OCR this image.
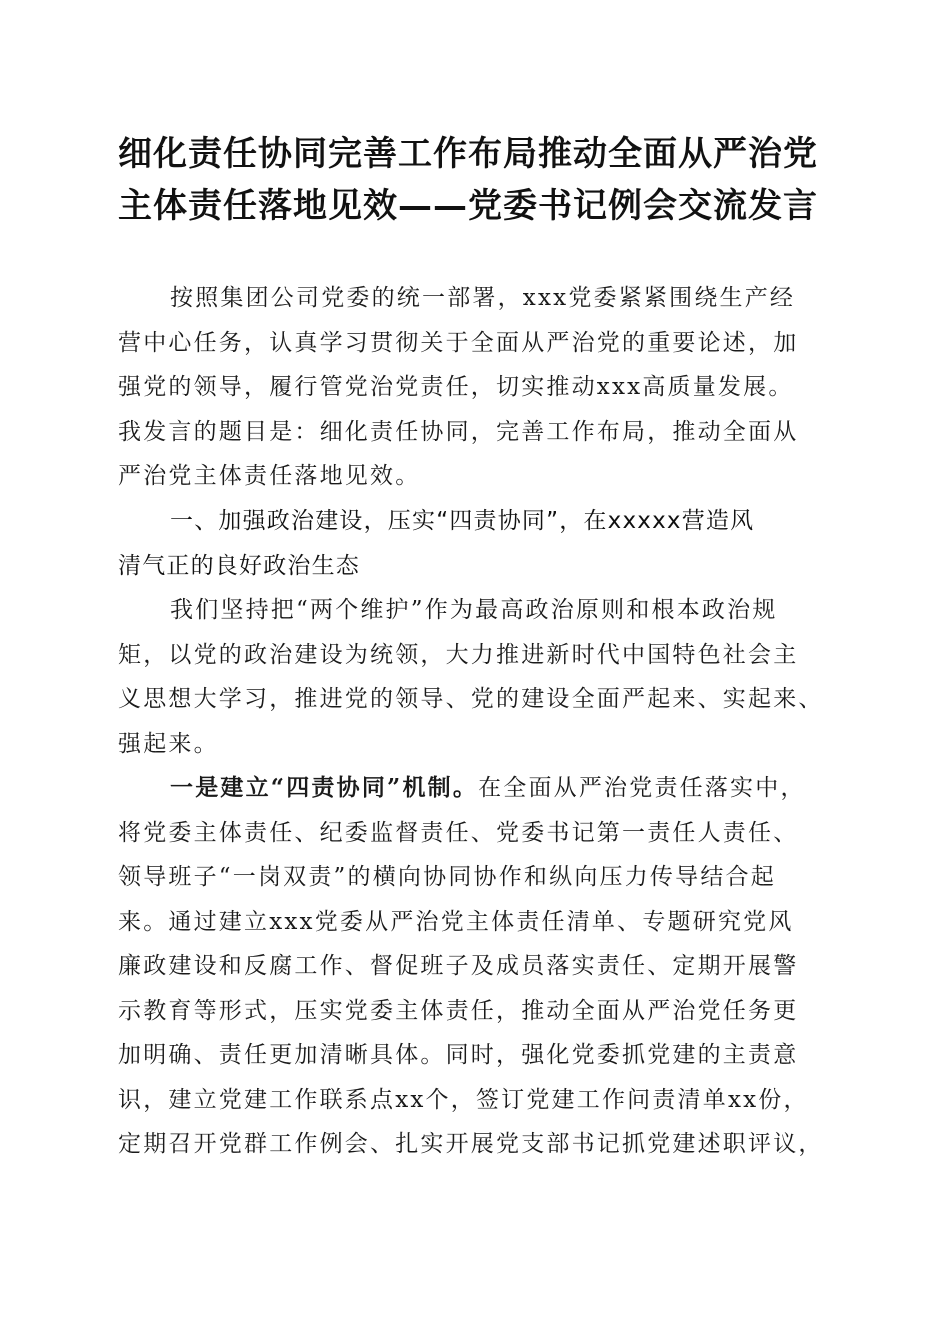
细化责任协同完善工作布局推动全面从严治党
主体责任落地见效——党委书记例会交流发言
按照集团公司党委的统一部署，xxx党委紧紧围绕生产经
营中心任务，认真学习贯彻关于全面从严治党的重要论述，加
强党的领导，履行管党治党责任，切实推动xxx高质量发展。
我发言的题目是：细化责任协同，完善工作布局，推动全面从
严治党主体责任落地见效。
一、加强政治建设，压实“四责协同”，在xxxxx营造风
清气正的良好政治生态
我们坚持把“两个维护”作为最高政治原则和根本政治规
矩，以党的政治建设为统领，大力推进新时代中国特色社会主
义思想大学习，推进党的领导、党的建设全面严起来、实起来、
强起来。
一是建立“四责协同”机制。在全面从严治党责任落实中，
将党委主体责任、纪委监督责任、党委书记第一责任人责任、
领导班子“一岗双责”的横向协同协作和纵向压力传导结合起
来。通过建立xxx党委从严治党主体责任清单、专题研究党风
廉政建设和反腐工作、督促班子及成员落实责任、定期开展警
示教育等形式，压实党委主体责任，推动全面从严治党任务更
加明确、责任更加清晰具体。同时，强化党委抓党建的主责意
识，建立党建工作联系点xx个，签订党建工作问责清单xx份，
定期召开党群工作例会、扎实开展党支部书记抓党建述职评议，
